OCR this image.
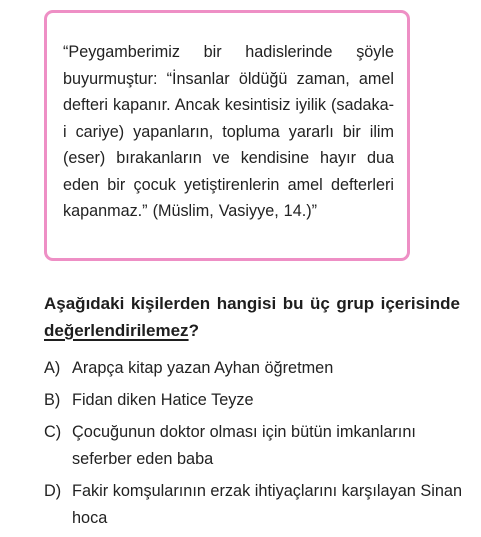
“Peygamberimiz bir hadislerinde şöyle buyurmuştur: “İnsanlar öldüğü zaman, amel defteri kapanır. Ancak kesintisiz iyilik (sadaka-i cariye) yapanların, topluma yararlı bir ilim (eser) bırakanların ve kendisine hayır dua eden bir çocuk yetiştirenlerin amel defterleri kapanmaz.” (Müslim, Vasiyye, 14.)”

Aşağıdaki kişilerden hangisi bu üç grup içerisinde değerlendirilemez?

A) Arapça kitap yazan Ayhan öğretmen
B) Fidan diken Hatice Teyze
C) Çocuğunun doktor olması için bütün imkanlarını seferber eden baba
D) Fakir komşularının erzak ihtiyaçlarını karşılayan Sinan hoca
